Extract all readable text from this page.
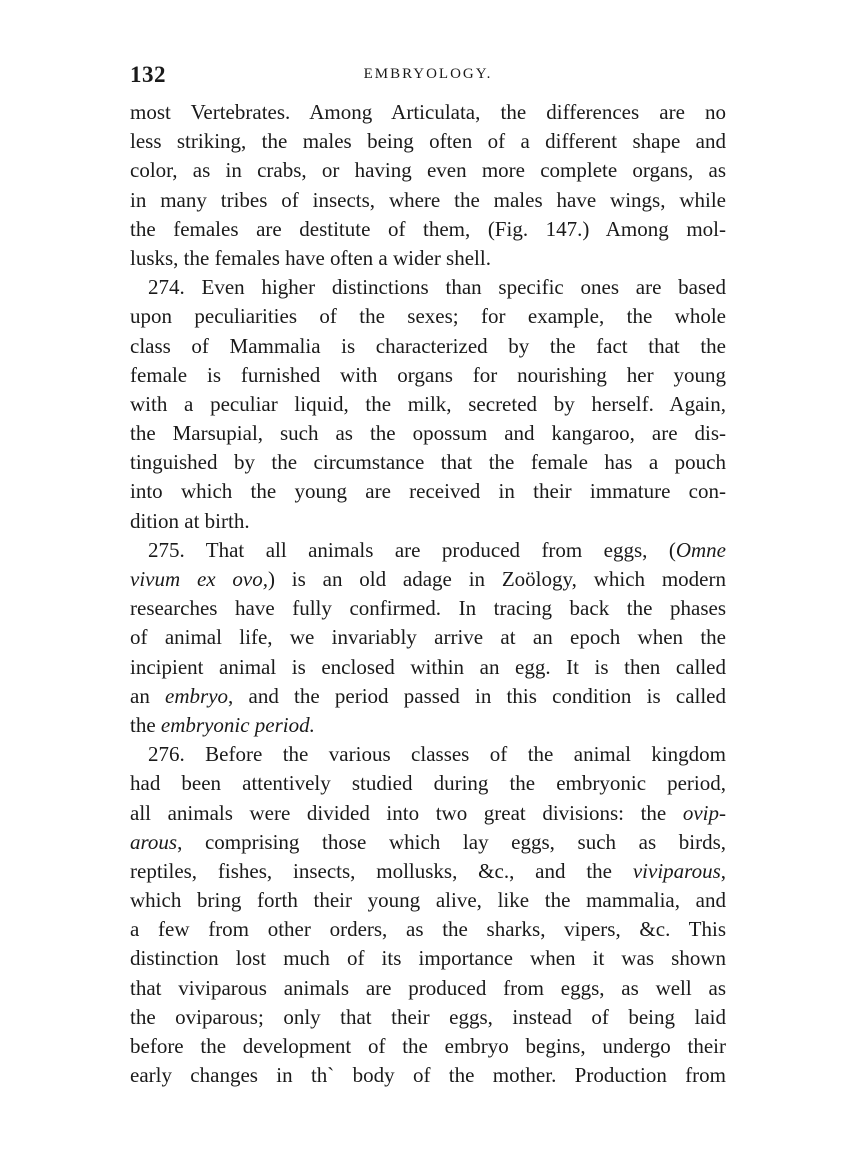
132	EMBRYOLOGY.
most Vertebrates. Among Articulata, the differences are no
less striking, the males being often of a different shape and
color, as in crabs, or having even more complete organs, as
in many tribes of insects, where the males have wings, while
the females are destitute of them, (Fig. 147.) Among mol-
lusks, the females have often a wider shell.
274. Even higher distinctions than specific ones are based
upon peculiarities of the sexes; for example, the whole
class of Mammalia is characterized by the fact that the
female is furnished with organs for nourishing her young
with a peculiar liquid, the milk, secreted by herself. Again,
the Marsupial, such as the opossum and kangaroo, are dis-
tinguished by the circumstance that the female has a pouch
into which the young are received in their immature con-
dition at birth.
275. That all animals are produced from eggs, (Omne
vivum ex ovo,) is an old adage in Zoölogy, which modern
researches have fully confirmed. In tracing back the phases
of animal life, we invariably arrive at an epoch when the
incipient animal is enclosed within an egg. It is then called
an embryo, and the period passed in this condition is called
the embryonic period.
276. Before the various classes of the animal kingdom
had been attentively studied during the embryonic period,
all animals were divided into two great divisions: the ovip-
arous, comprising those which lay eggs, such as birds,
reptiles, fishes, insects, mollusks, &c., and the viviparous,
which bring forth their young alive, like the mammalia, and
a few from other orders, as the sharks, vipers, &c. This
distinction lost much of its importance when it was shown
that viviparous animals are produced from eggs, as well as
the oviparous; only that their eggs, instead of being laid
before the development of the embryo begins, undergo their
early changes in th` body of the mother. Production from
